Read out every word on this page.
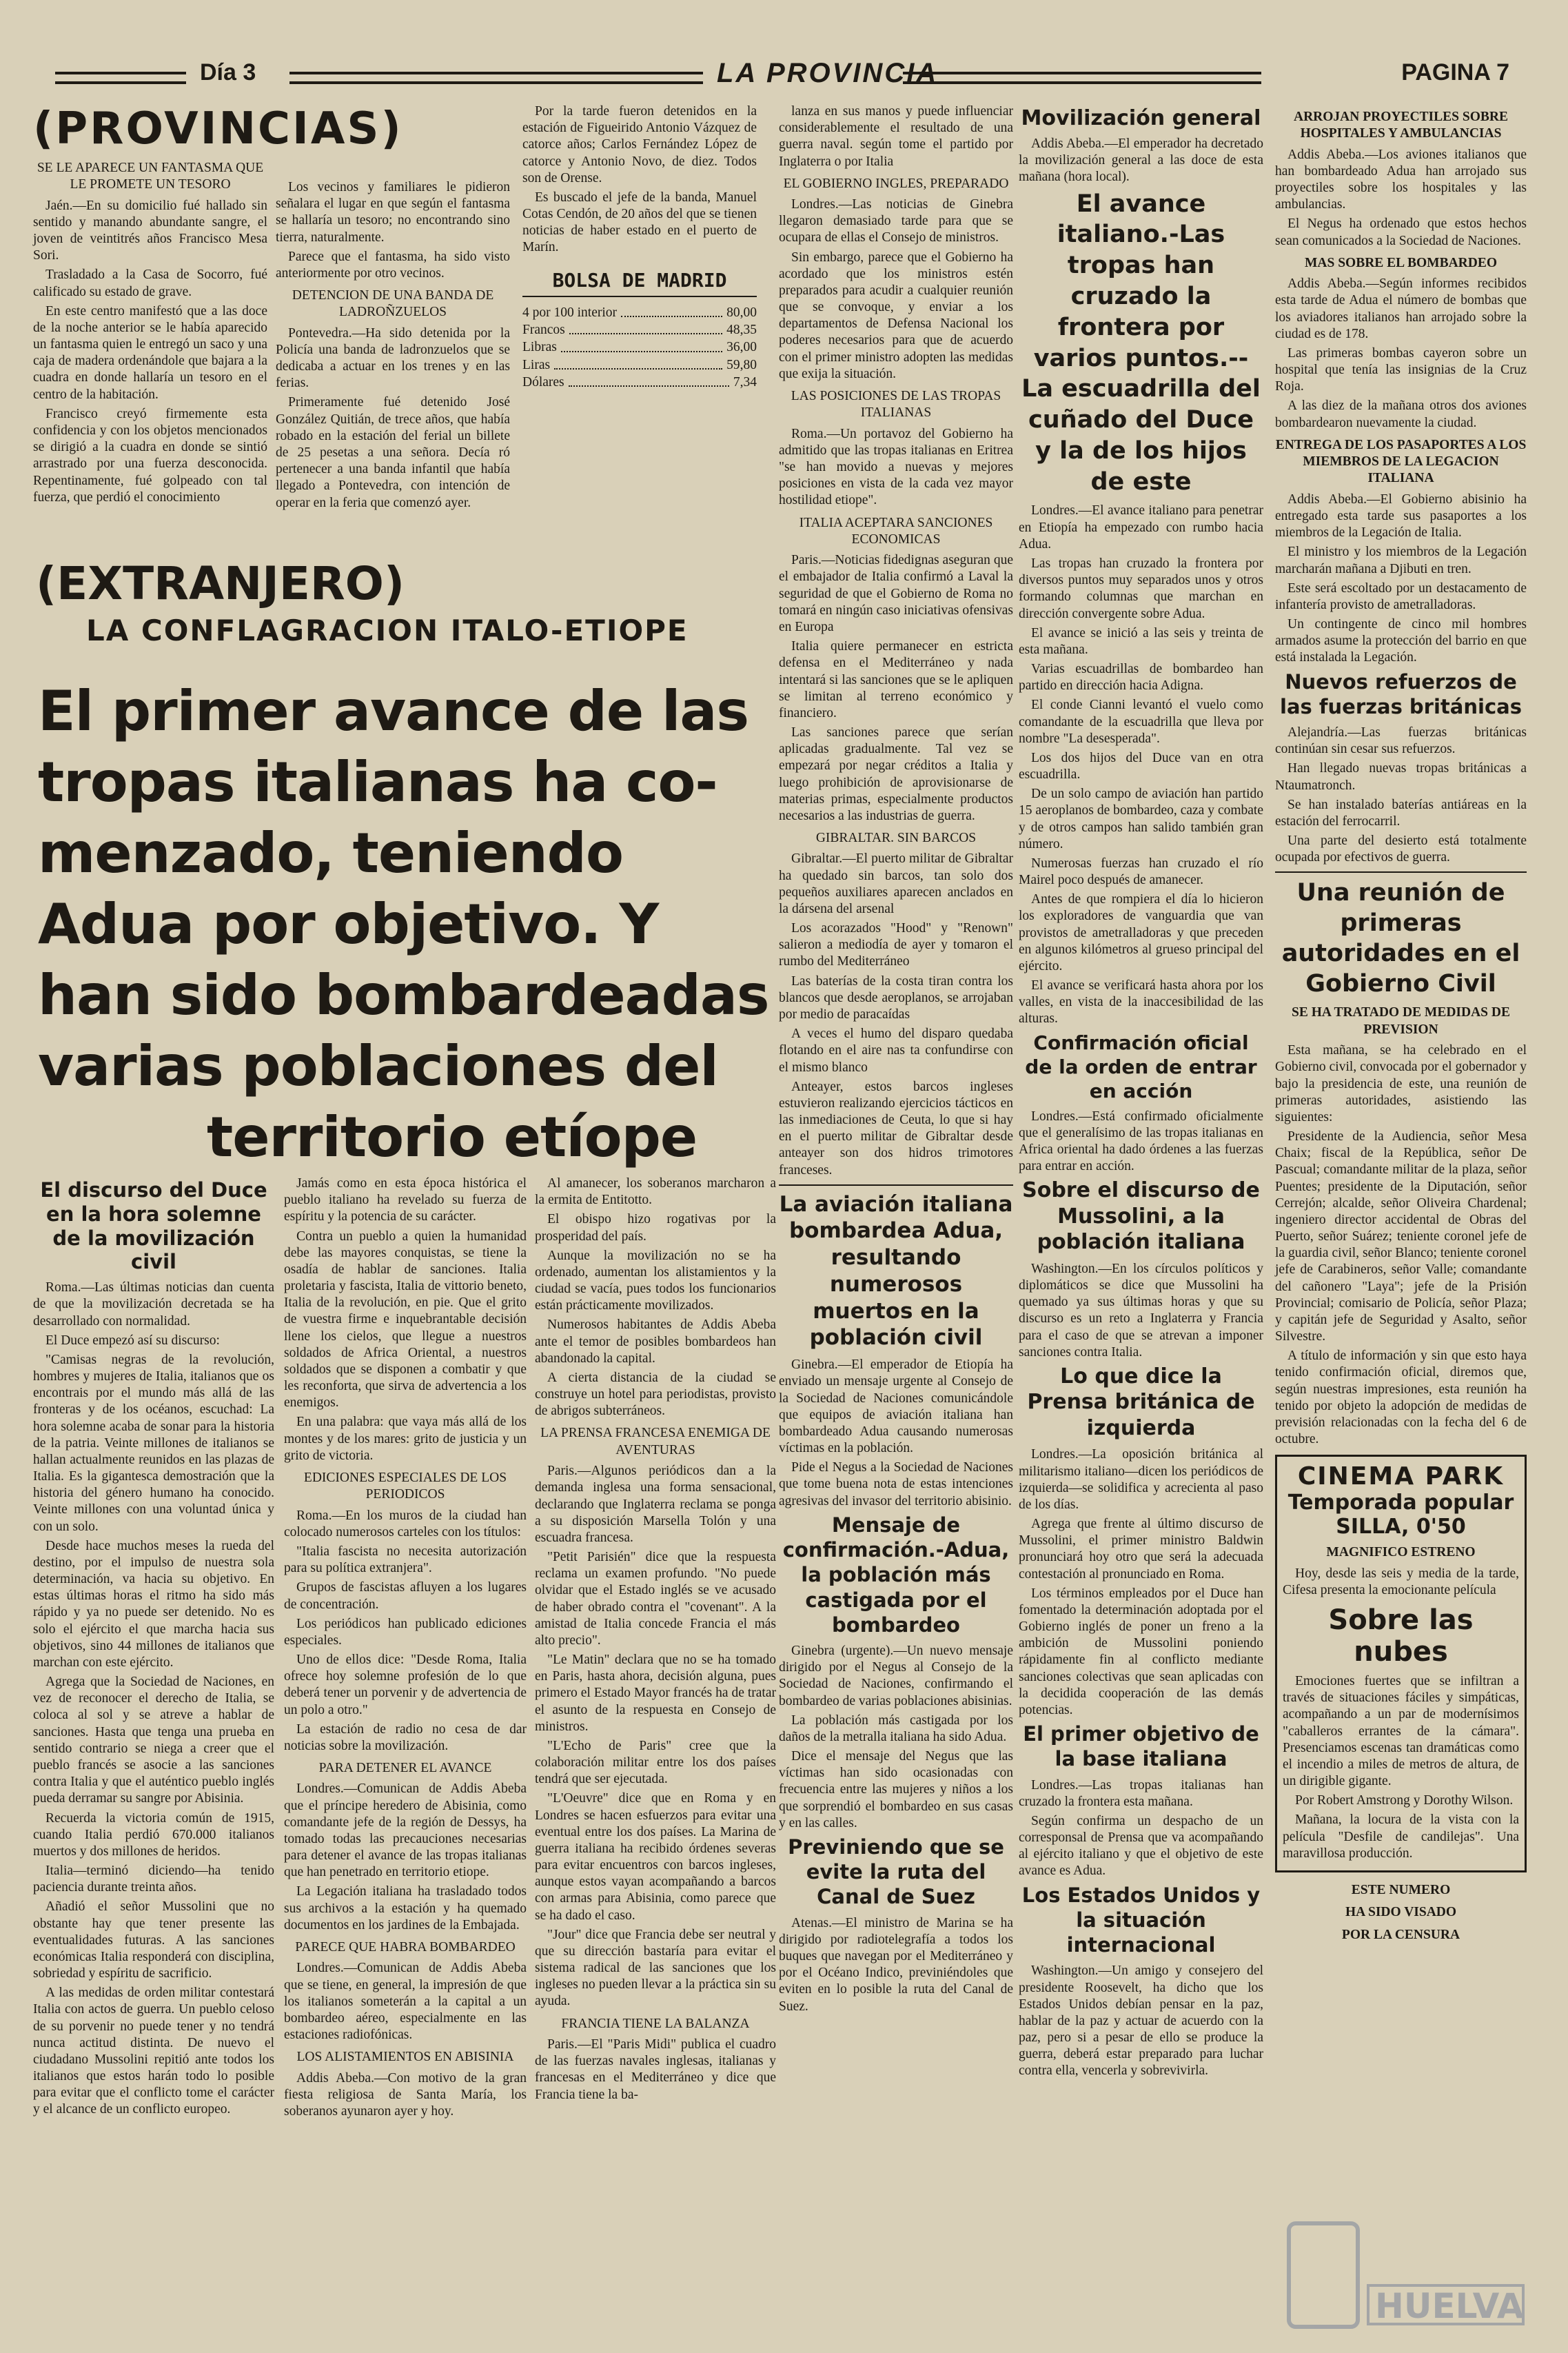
Día 3	LA PROVINCIA	PAGINA 7
(PROVINCIAS)
SE LE APARECE UN FANTASMA QUE LE PROMETE UN TESORO

Jaén.—En su domicilio fué hallado sin sentido y manando abundante sangre, el joven de veintitrés años Francisco Mesa Sori.

Trasladado a la Casa de Socorro, fué calificado su estado de grave.

En este centro manifestó que a las doce de la noche anterior se le había aparecido un fantasma quien le entregó un saco y una caja de madera ordenándole que bajara a la cuadra en donde hallaría un tesoro en el centro de la habitación.

Francisco creyó firmemente esta confidencia y con los objetos mencionados se dirigió a la cuadra en donde se sintió arrastrado por una fuerza desconocida. Repentinamente, fué golpeado con tal fuerza, que perdió el conocimiento

Los vecinos y familiares le pidieron señalara el lugar en que según el fantasma se hallaría un tesoro; no encontrando sino tierra, naturalmente.

Parece que el fantasma, ha sido visto anteriormente por otro vecinos.

DETENCION DE UNA BANDA DE LADROÑZUELOS

Pontevedra.—Ha sido detenida por la Policía una banda de ladronzuelos que se dedicaba a actuar en los trenes y en las ferias.

Primeramente fué detenido José González Quitián, de trece años, que había robado en la estación del ferial un billete de 25 pesetas a una señora. Decía ró pertenecer a una banda infantil que había llegado a Pontevedra, con intención de operar en la feria que comenzó ayer.

Por la tarde fueron detenidos en la estación de Figueirido Antonio Vázquez de catorce años; Carlos Fernández López de catorce y Antonio Novo, de diez. Todos son de Orense.

Es buscado el jefe de la banda, Manuel Cotas Cendón, de 20 años del que se tienen noticias de haber estado en el puerto de Marín.

BOLSA DE MADRID
4 por 100 interior	80,00
Francos	48,35
Libras	36,00
Liras	59,80
Dólares	7,34
(EXTRANJERO)
LA CONFLAGRACION ITALO-ETIOPE
El primer avance de las
tropas italianas ha co-
menzado, teniendo
Adua por objetivo. Y
han sido bombardeadas
varias poblaciones del
territorio etíope
El discurso del Duce en la hora solemne de la movilización civil

Roma.—Las últimas noticias dan cuenta de que la movilización decretada se ha desarrollado con normalidad.

El Duce empezó así su discurso:

"Camisas negras de la revolución, hombres y mujeres de Italia, italianos que os encontrais por el mundo más allá de las fronteras y de los océanos, escuchad: La hora solemne acaba de sonar para la historia de la patria. Veinte millones de italianos se hallan actualmente reunidos en las plazas de Italia. Es la gigantesca demostración que la historia del género humano ha conocido. Veinte millones con una voluntad única y con un solo.

Desde hace muchos meses la rueda del destino, por el impulso de nuestra sola determinación, va hacia su objetivo. En estas últimas horas el ritmo ha sido más rápido y ya no puede ser detenido. No es solo el ejército el que marcha hacia sus objetivos, sino 44 millones de italianos que marchan con este ejército.

Agrega que la Sociedad de Naciones, en vez de reconocer el derecho de Italia, se coloca al sol y se atreve a hablar de sanciones. Hasta que tenga una prueba en sentido contrario se niega a creer que el pueblo francés se asocie a las sanciones contra Italia y que el auténtico pueblo inglés pueda derramar su sangre por Abisinia.

Recuerda la victoria común de 1915, cuando Italia perdió 670.000 italianos muertos y dos millones de heridos.

Italia—terminó diciendo—ha tenido paciencia durante treinta años.

Añadió el señor Mussolini que no obstante hay que tener presente las eventualidades futuras. A las sanciones económicas Italia responderá con disciplina, sobriedad y espíritu de sacrificio.

A las medidas de orden militar contestará Italia con actos de guerra. Un pueblo celoso de su porvenir no puede tener y no tendrá nunca actitud distinta. De nuevo el ciudadano Mussolini repitió ante todos los italianos que estos harán todo lo posible para evitar que el conflicto tome el carácter y el alcance de un conflicto europeo.

Jamás como en esta época histórica el pueblo italiano ha revelado su fuerza de espíritu y la potencia de su carácter.

Contra un pueblo a quien la humanidad debe las mayores conquistas, se tiene la osadía de hablar de sanciones. Italia proletaria y fascista, Italia de vittorio beneto, Italia de la revolución, en pie. Que el grito de vuestra firme e inquebrantable decisión llene los cielos, que llegue a nuestros soldados de Africa Oriental, a nuestros soldados que se disponen a combatir y que les reconforta, que sirva de advertencia a los enemigos.

En una palabra: que vaya más allá de los montes y de los mares: grito de justicia y un grito de victoria.

EDICIONES ESPECIALES DE LOS PERIODICOS

Roma.—En los muros de la ciudad han colocado numerosos carteles con los títulos:

"Italia fascista no necesita autorización para su política extranjera".

Grupos de fascistas afluyen a los lugares de concentración.

Los periódicos han publicado ediciones especiales.

Uno de ellos dice: "Desde Roma, Italia ofrece hoy solemne profesión de lo que deberá tener un porvenir y de advertencia de un polo a otro."

La estación de radio no cesa de dar noticias sobre la movilización.

PARA DETENER EL AVANCE

Londres.—Comunican de Addis Abeba que el príncipe heredero de Abisinia, como comandante jefe de la región de Dessys, ha tomado todas las precauciones necesarias para detener el avance de las tropas italianas que han penetrado en territorio etiope.

La Legación italiana ha trasladado todos sus archivos a la estación y ha quemado documentos en los jardines de la Embajada.

PARECE QUE HABRA BOMBARDEO

Londres.—Comunican de Addis Abeba que se tiene, en general, la impresión de que los italianos someterán a la capital a un bombardeo aéreo, especialmente en las estaciones radiofónicas.

LOS ALISTAMIENTOS EN ABISINIA

Addis Abeba.—Con motivo de la gran fiesta religiosa de Santa María, los soberanos ayunaron ayer y hoy.

Al amanecer, los soberanos marcharon a la ermita de Entitotto.

El obispo hizo rogativas por la prosperidad del país.

Aunque la movilización no se ha ordenado, aumentan los alistamientos y la ciudad se vacía, pues todos los funcionarios están prácticamente movilizados.

Numerosos habitantes de Addis Abeba ante el temor de posibles bombardeos han abandonado la capital.

A cierta distancia de la ciudad se construye un hotel para periodistas, provisto de abrigos subterráneos.

LA PRENSA FRANCESA ENEMIGA DE AVENTURAS

Paris.—Algunos periódicos dan a la demanda inglesa una forma sensacional, declarando que Inglaterra reclama se ponga a su disposición Marsella Tolón y una escuadra francesa.

"Petit Parisién" dice que la respuesta reclama un examen profundo. "No puede olvidar que el Estado inglés se ve acusado de haber obrado contra el "covenant". A la amistad de Italia concede Francia el más alto precio".

"Le Matin" declara que no se ha tomado en Paris, hasta ahora, decisión alguna, pues primero el Estado Mayor francés ha de tratar el asunto de la respuesta en Consejo de ministros.

"L'Echo de Paris" cree que la colaboración militar entre los dos países tendrá que ser ejecutada.

"L'Oeuvre" dice que en Roma y en Londres se hacen esfuerzos para evitar una eventual entre los dos países. La Marina de guerra italiana ha recibido órdenes severas para evitar encuentros con barcos ingleses, aunque estos vayan acompañando a barcos con armas para Abisinia, como parece que se ha dado el caso.

"Jour" dice que Francia debe ser neutral y que su dirección bastaría para evitar el sistema radical de las sanciones que los ingleses no pueden llevar a la práctica sin su ayuda.

FRANCIA TIENE LA BALANZA

Paris.—El "Paris Midi" publica el cuadro de las fuerzas navales inglesas, italianas y francesas en el Mediterráneo y dice que Francia tiene la ba-

lanza en sus manos y puede influenciar considerablemente el resultado de una guerra naval. según tome el partido por Inglaterra o por Italia

EL GOBIERNO INGLES, PREPARADO

Londres.—Las noticias de Ginebra llegaron demasiado tarde para que se ocupara de ellas el Consejo de ministros.

Sin embargo, parece que el Gobierno ha acordado que los ministros estén preparados para acudir a cualquier reunión que se convoque, y enviar a los departamentos de Defensa Nacional los poderes necesarios para que de acuerdo con el primer ministro adopten las medidas que exija la situación.

LAS POSICIONES DE LAS TROPAS ITALIANAS

Roma.—Un portavoz del Gobierno ha admitido que las tropas italianas en Eritrea "se han movido a nuevas y mejores posiciones en vista de la cada vez mayor hostilidad etiope".

ITALIA ACEPTARA SANCIONES ECONOMICAS

Paris.—Noticias fidedignas aseguran que el embajador de Italia confirmó a Laval la seguridad de que el Gobierno de Roma no tomará en ningún caso iniciativas ofensivas en Europa

Italia quiere permanecer en estricta defensa en el Mediterráneo y nada intentará si las sanciones que se le apliquen se limitan al terreno económico y financiero.

Las sanciones parece que serían aplicadas gradualmente. Tal vez se empezará por negar créditos a Italia y luego prohibición de aprovisionarse de materias primas, especialmente productos necesarios a las industrias de guerra.

GIBRALTAR. SIN BARCOS

Gibraltar.—El puerto militar de Gibraltar ha quedado sin barcos, tan solo dos pequeños auxiliares aparecen anclados en la dársena del arsenal

Los acorazados "Hood" y "Renown" salieron a mediodía de ayer y tomaron el rumbo del Mediterráneo

Las baterías de la costa tiran contra los blancos que desde aeroplanos, se arrojaban por medio de paracaídas

A veces el humo del disparo quedaba flotando en el aire nas ta confundirse con el mismo blanco

Anteayer, estos barcos ingleses estuvieron realizando ejercicios tácticos en las inmediaciones de Ceuta, lo que si hay en el puerto militar de Gibraltar desde anteayer son dos hidros trimotores franceses.

La aviación italiana bombardea Adua, resultando numerosos muertos en la población civil

Ginebra.—El emperador de Etiopía ha enviado un mensaje urgente al Consejo de la Sociedad de Naciones comunicándole que equipos de aviación italiana han bombardeado Adua causando numerosas víctimas en la población.

Pide el Negus a la Sociedad de Naciones que tome buena nota de estas intenciones agresivas del invasor del territorio abisinio.

Mensaje de confirmación.-Adua, la población más castigada por el bombardeo

Ginebra (urgente).—Un nuevo mensaje dirigido por el Negus al Consejo de la Sociedad de Naciones, confirmando el bombardeo de varias poblaciones abisinias.

La población más castigada por los daños de la metralla italiana ha sido Adua.

Dice el mensaje del Negus que las víctimas han sido ocasionadas con frecuencia entre las mujeres y niños a los que sorprendió el bombardeo en sus casas y en las calles.

Previniendo que se evite la ruta del Canal de Suez

Atenas.—El ministro de Marina se ha dirigido por radiotelegrafía a todos los buques que navegan por el Mediterráneo y por el Océano Indico, previniéndoles que eviten en lo posible la ruta del Canal de Suez.

Movilización general

Addis Abeba.—El emperador ha decretado la movilización general a las doce de esta mañana (hora local).

El avance italiano.-Las tropas han cruzado la frontera por varios puntos.--La escuadrilla del cuñado del Duce y la de los hijos de este

Londres.—El avance italiano para penetrar en Etiopía ha empezado con rumbo hacia Adua.

Las tropas han cruzado la frontera por diversos puntos muy separados unos y otros formando columnas que marchan en dirección convergente sobre Adua.

El avance se inició a las seis y treinta de esta mañana.

Varias escuadrillas de bombardeo han partido en dirección hacia Adigna.

El conde Cianni levantó el vuelo como comandante de la escuadrilla que lleva por nombre "La desesperada".

Los dos hijos del Duce van en otra escuadrilla.

De un solo campo de aviación han partido 15 aeroplanos de bombardeo, caza y combate y de otros campos han salido también gran número.

Numerosas fuerzas han cruzado el río Mairel poco después de amanecer.

Antes de que rompiera el día lo hicieron los exploradores de vanguardia que van provistos de ametralladoras y que preceden en algunos kilómetros al grueso principal del ejército.

El avance se verificará hasta ahora por los valles, en vista de la inaccesibilidad de las alturas.

Confirmación oficial de la orden de entrar en acción

Londres.—Está confirmado oficialmente que el generalísimo de las tropas italianas en Africa oriental ha dado órdenes a las fuerzas para entrar en acción.

Sobre el discurso de Mussolini, a la población italiana

Washington.—En los círculos políticos y diplomáticos se dice que Mussolini ha quemado ya sus últimas horas y que su discurso es un reto a Inglaterra y Francia para el caso de que se atrevan a imponer sanciones contra Italia.

Lo que dice la Prensa británica de izquierda

Londres.—La oposición británica al militarismo italiano—dicen los periódicos de izquierda—se solidifica y acrecienta al paso de los días.

Agrega que frente al último discurso de Mussolini, el primer ministro Baldwin pronunciará hoy otro que será la adecuada contestación al pronunciado en Roma.

Los términos empleados por el Duce han fomentado la determinación adoptada por el Gobierno inglés de poner un freno a la ambición de Mussolini poniendo rápidamente fin al conflicto mediante sanciones colectivas que sean aplicadas con la decidida cooperación de las demás potencias.

El primer objetivo de la base italiana

Londres.—Las tropas italianas han cruzado la frontera esta mañana.

Según confirma un despacho de un corresponsal de Prensa que va acompañando al ejército italiano y que el objetivo de este avance es Adua.

Los Estados Unidos y la situación internacional

Washington.—Un amigo y consejero del presidente Roosevelt, ha dicho que los Estados Unidos debían pensar en la paz, hablar de la paz y actuar de acuerdo con la paz, pero si a pesar de ello se produce la guerra, deberá estar preparado para luchar contra ella, vencerla y sobrevivirla.

ARROJAN PROYECTILES SOBRE HOSPITALES Y AMBULANCIAS

Addis Abeba.—Los aviones italianos que han bombardeado Adua han arrojado sus proyectiles sobre los hospitales y las ambulancias.

El Negus ha ordenado que estos hechos sean comunicados a la Sociedad de Naciones.

MAS SOBRE EL BOMBARDEO

Addis Abeba.—Según informes recibidos esta tarde de Adua el número de bombas que los aviadores italianos han arrojado sobre la ciudad es de 178.

Las primeras bombas cayeron sobre un hospital que tenía las insignias de la Cruz Roja.

A las diez de la mañana otros dos aviones bombardearon nuevamente la ciudad.

ENTREGA DE LOS PASAPORTES A LOS MIEMBROS DE LA LEGACION ITALIANA

Addis Abeba.—El Gobierno abisinio ha entregado esta tarde sus pasaportes a los miembros de la Legación de Italia.

El ministro y los miembros de la Legación marcharán mañana a Djibuti en tren.

Este será escoltado por un destacamento de infantería provisto de ametralladoras.

Un contingente de cinco mil hombres armados asume la protección del barrio en que está instalada la Legación.

Nuevos refuerzos de las fuerzas británicas

Alejandría.—Las fuerzas británicas continúan sin cesar sus refuerzos.

Han llegado nuevas tropas británicas a Ntaumatronch.

Se han instalado baterías antiáreas en la estación del ferrocarril.

Una parte del desierto está totalmente ocupada por efectivos de guerra.

Una reunión de primeras autoridades en el Gobierno Civil
SE HA TRATADO DE MEDIDAS DE PREVISION

Esta mañana, se ha celebrado en el Gobierno civil, convocada por el gobernador y bajo la presidencia de este, una reunión de primeras autoridades, asistiendo las siguientes:

Presidente de la Audiencia, señor Mesa Chaix; fiscal de la República, señor De Pascual; comandante militar de la plaza, señor Puentes; presidente de la Diputación, señor Cerrejón; alcalde, señor Oliveira Chardenal; ingeniero director accidental de Obras del Puerto, señor Suárez; teniente coronel jefe de la guardia civil, señor Blanco; teniente coronel jefe de Carabineros, señor Valle; comandante del cañonero "Laya"; jefe de la Prisión Provincial; comisario de Policía, señor Plaza; y capitán jefe de Seguridad y Asalto, señor Silvestre.

A título de información y sin que esto haya tenido confirmación oficial, diremos que, según nuestras impresiones, esta reunión ha tenido por objeto la adopción de medidas de previsión relacionadas con la fecha del 6 de octubre.

CINEMA PARK
Temporada popular
SILLA, 0'50
MAGNIFICO ESTRENO

Hoy, desde las seis y media de la tarde, Cifesa presenta la emocionante película

Sobre las nubes

Emociones fuertes que se infiltran a través de situaciones fáciles y simpáticas, acompañando a un par de modernísimos "caballeros errantes de la cámara". Presenciamos escenas tan dramáticas como el incendio a miles de metros de altura, de un dirigible gigante.

Por Robert Amstrong y Dorothy Wilson.

Mañana, la locura de la vista con la película "Desfile de candilejas". Una maravillosa producción.

ESTE NUMERO
HA SIDO VISADO
POR LA CENSURA
HUELVA
